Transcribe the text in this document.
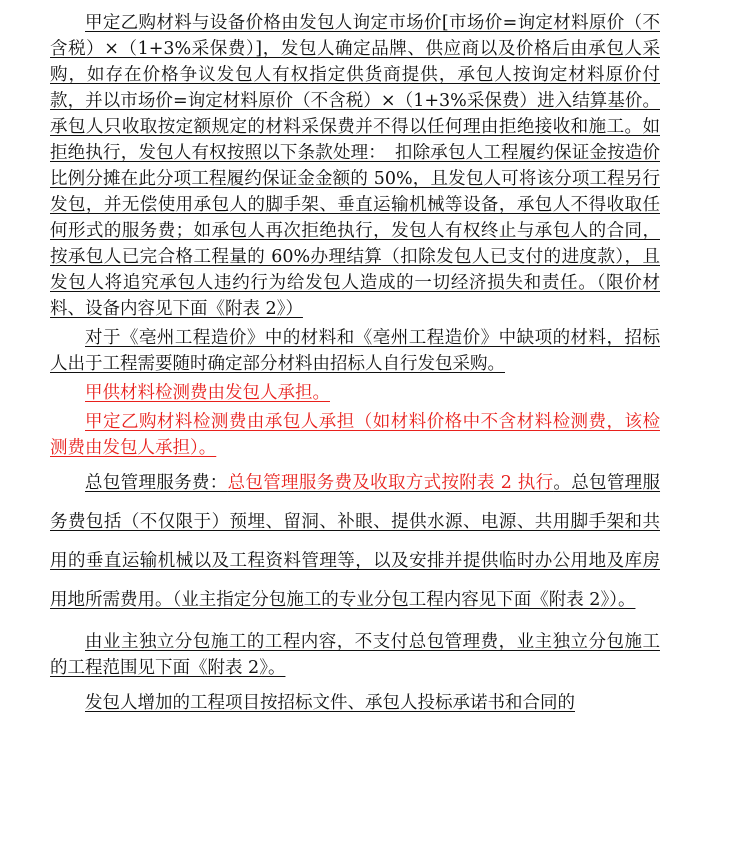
甲定乙购材料与设备价格由发包人询定市场价[市场价=询定材料原价（不含税）×（1+3%采保费）]，发包人确定品牌、供应商以及价格后由承包人采购，如存在价格争议发包人有权指定供货商提供，承包人按询定材料原价付款，并以市场价=询定材料原价（不含税）×（1+3%采保费）进入结算基价。承包人只收取按定额规定的材料采保费并不得以任何理由拒绝接收和施工。如拒绝执行，发包人有权按照以下条款处理：　扣除承包人工程履约保证金按造价比例分摊在此分项工程履约保证金金额的 50%，且发包人可将该分项工程另行发包，并无偿使用承包人的脚手架、垂直运输机械等设备，承包人不得收取任何形式的服务费；如承包人再次拒绝执行，发包人有权终止与承包人的合同，按承包人已完合格工程量的 60%办理结算（扣除发包人已支付的进度款），且发包人将追究承包人违约行为给发包人造成的一切经济损失和责任。（限价材料、设备内容见下面《附表 2》）

对于《亳州工程造价》中的材料和《亳州工程造价》中缺项的材料，招标人出于工程需要随时确定部分材料由招标人自行发包采购。

甲供材料检测费由发包人承担。

甲定乙购材料检测费由承包人承担（如材料价格中不含材料检测费，该检测费由发包人承担）。

总包管理服务费：总包管理服务费及收取方式按附表 2 执行。总包管理服务费包括（不仅限于）预埋、留洞、补眼、提供水源、电源、共用脚手架和共用的垂直运输机械以及工程资料管理等，以及安排并提供临时办公用地及库房用地所需费用。（业主指定分包施工的专业分包工程内容见下面《附表 2》）。

由业主独立分包施工的工程内容，不支付总包管理费，业主独立分包施工的工程范围见下面《附表 2》。

发包人增加的工程项目按招标文件、承包人投标承诺书和合同的
